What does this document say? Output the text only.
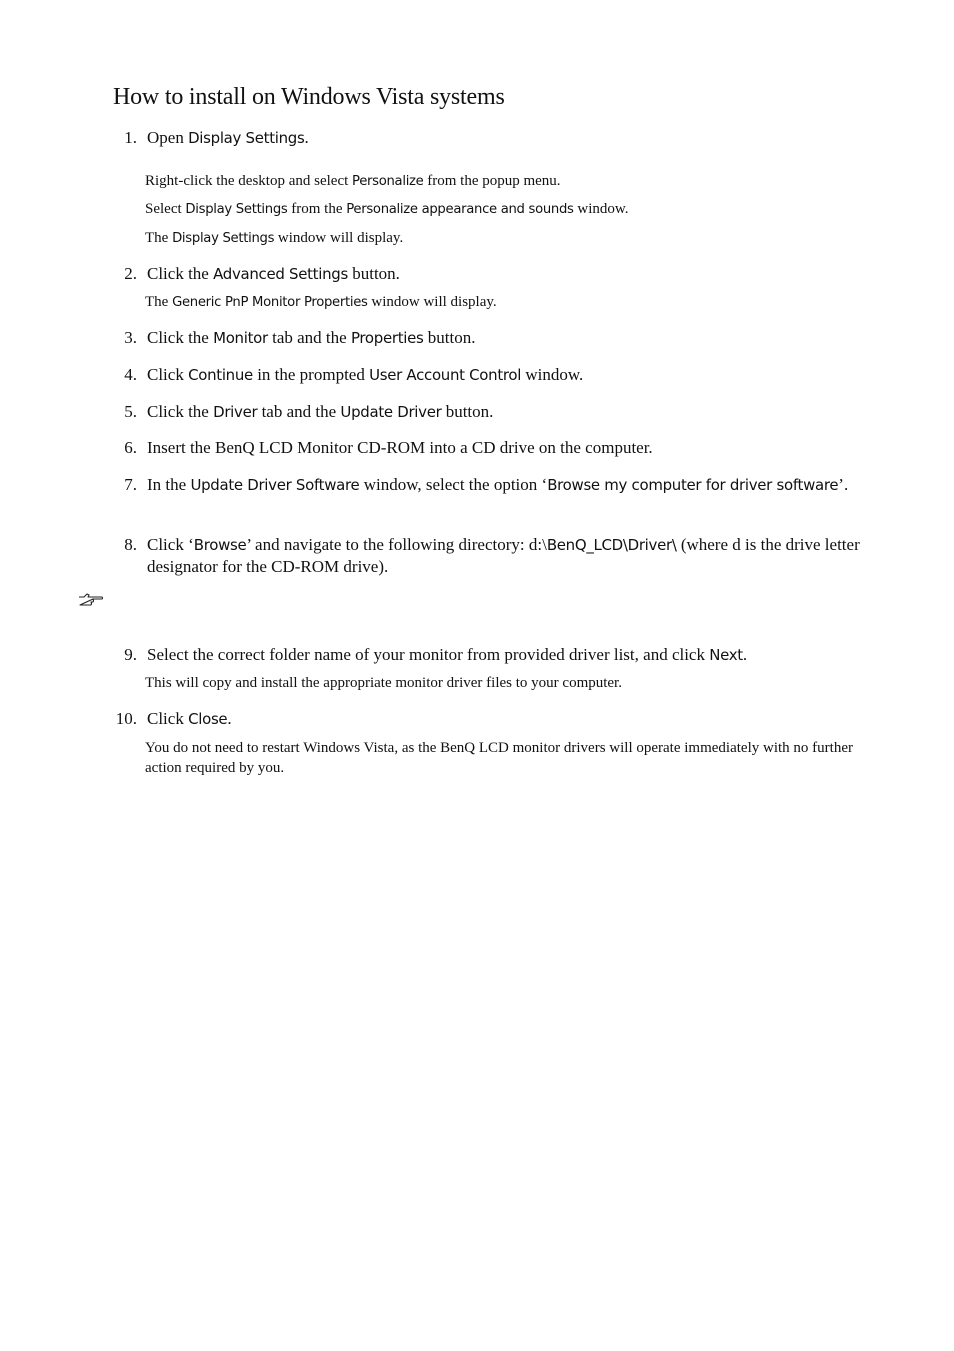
How to install on Windows Vista systems
1. Open Display Settings.
Right-click the desktop and select Personalize from the popup menu.
Select Display Settings from the Personalize appearance and sounds window.
The Display Settings window will display.
2. Click the Advanced Settings button.
The Generic PnP Monitor Properties window will display.
3. Click the Monitor tab and the Properties button.
4. Click Continue in the prompted User Account Control window.
5. Click the Driver tab and the Update Driver button.
6. Insert the BenQ LCD Monitor CD-ROM into a CD drive on the computer.
7. In the Update Driver Software window, select the option ‘Browse my computer for driver software’.
8. Click ‘Browse’ and navigate to the following directory: d:\BenQ_LCD\Driver\ (where d is the drive letter designator for the CD-ROM drive).
9. Select the correct folder name of your monitor from provided driver list, and click Next.
This will copy and install the appropriate monitor driver files to your computer.
10. Click Close.
You do not need to restart Windows Vista, as the BenQ LCD monitor drivers will operate immediately with no further action required by you.
